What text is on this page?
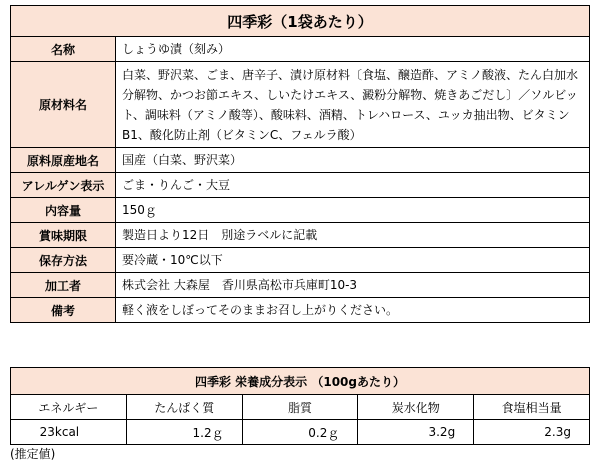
四季彩（1袋あたり）	
名称	しょうゆ漬（刻み）
原材料名	白菜、野沢菜、ごま、唐辛子、漬け原材料〔食塩、醸造酢、アミノ酸液、たん白加水分解物、かつお節エキス、しいたけエキス、澱粉分解物、焼きあごだし〕／ソルビット、調味料（アミノ酸等）、酸味料、酒精、トレハロース、ユッカ抽出物、ビタミンB1、酸化防止剤（ビタミンC、フェルラ酸）
原料原産地名	国産（白菜、野沢菜）
アレルゲン表示	ごま・りんご・大豆
内容量	150ｇ
賞味期限	製造日より12日　別途ラベルに記載
保存方法	要冷蔵・10℃以下
加工者	株式会社 大森屋　香川県高松市兵庫町10-3
備考	軽く液をしぼってそのままお召し上がりください。
四季彩 栄養成分表示 （100gあたり）				
エネルギー	たんぱく質	脂質	炭水化物	食塩相当量
23kcal	1.2ｇ	0.2ｇ	3.2g	2.3g
(推定値)
